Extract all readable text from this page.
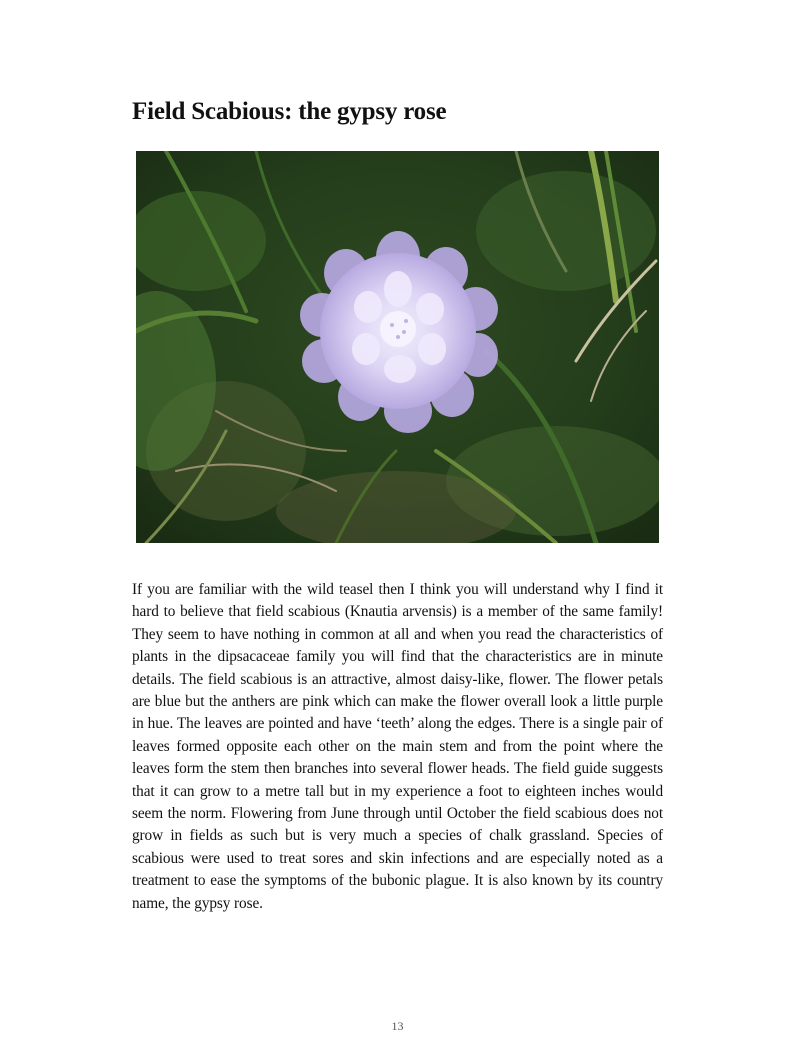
Field Scabious: the gypsy rose

If you are familiar with the wild teasel then I think you will understand why I find it hard to believe that field scabious (Knautia arvensis) is a member of the same family! They seem to have nothing in common at all and when you read the characteristics of plants in the dipsacaceae family you will find that the characteristics are in minute details. The field scabious is an attractive, almost daisy-like, flower. The flower petals are blue but the anthers are pink which can make the flower overall look a little purple in hue. The leaves are pointed and have ‘teeth’ along the edges. There is a single pair of leaves formed opposite each other on the main stem and from the point where the leaves form the stem then branches into several flower heads. The field guide suggests that it can grow to a metre tall but in my experience a foot to eighteen inches would seem the norm. Flowering from June through until October the field scabious does not grow in fields as such but is very much a species of chalk grassland. Species of scabious were used to treat sores and skin infections and are especially noted as a treatment to ease the symptoms of the bubonic plague. It is also known by its country name, the gypsy rose.

13
